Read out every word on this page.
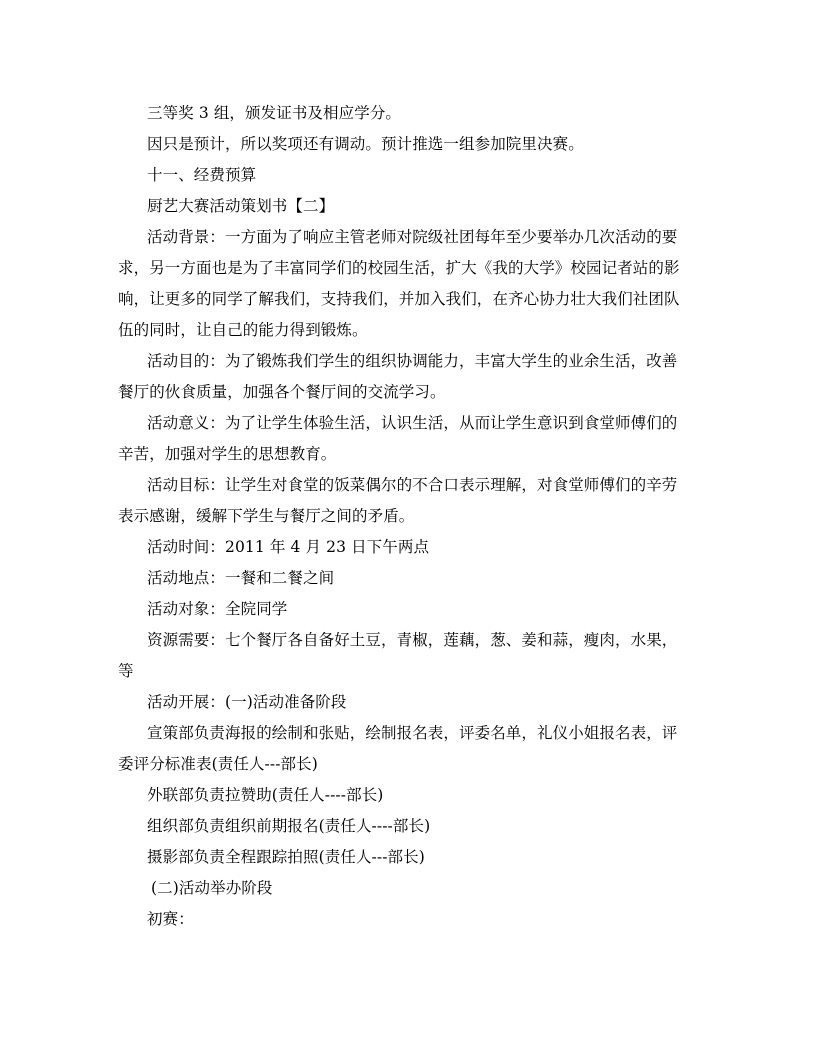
三等奖 3 组，颁发证书及相应学分。

因只是预计，所以奖项还有调动。预计推选一组参加院里决赛。

十一、经费预算

厨艺大赛活动策划书【二】

活动背景：一方面为了响应主管老师对院级社团每年至少要举办几次活动的要
求，另一方面也是为了丰富同学们的校园生活，扩大《我的大学》校园记者站的影
响，让更多的同学了解我们，支持我们，并加入我们，在齐心协力壮大我们社团队
伍的同时，让自己的能力得到锻炼。

活动目的：为了锻炼我们学生的组织协调能力，丰富大学生的业余生活，改善
餐厅的伙食质量，加强各个餐厅间的交流学习。

活动意义：为了让学生体验生活，认识生活，从而让学生意识到食堂师傅们的
辛苦，加强对学生的思想教育。

活动目标：让学生对食堂的饭菜偶尔的不合口表示理解，对食堂师傅们的辛劳
表示感谢，缓解下学生与餐厅之间的矛盾。

活动时间：2011 年 4 月 23 日下午两点

活动地点：一餐和二餐之间

活动对象：全院同学

资源需要：七个餐厅各自备好土豆，青椒，莲藕，葱、姜和蒜，瘦肉，水果，
等

活动开展：(一)活动准备阶段

宣策部负责海报的绘制和张贴，绘制报名表，评委名单，礼仪小姐报名表，评
委评分标准表(责任人---部长)

外联部负责拉赞助(责任人----部长)

组织部负责组织前期报名(责任人----部长)

摄影部负责全程跟踪拍照(责任人---部长)

(二)活动举办阶段

初赛：
